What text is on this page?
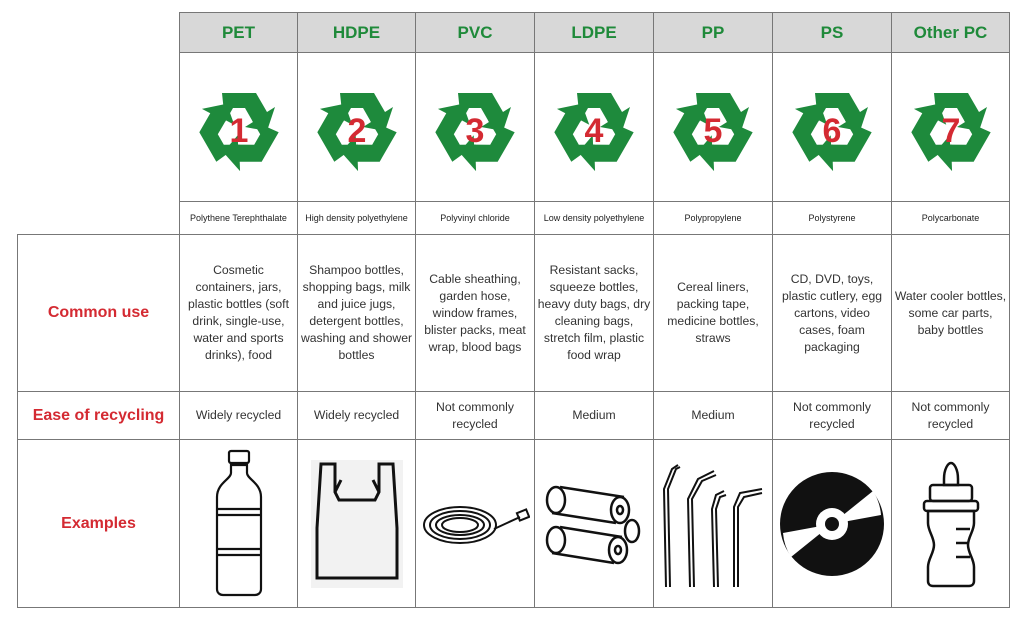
PET
1
Polythene Terephthalate
Cosmetic containers, jars, plastic bottles (soft drink, single-use, water and sports drinks), food
Widely recycled
HDPE
2
High density polyethylene
Shampoo bottles, shopping bags, milk and juice jugs, detergent bottles, washing and shower bottles
Widely recycled
PVC
3
Polyvinyl chloride
Cable sheathing, garden hose, window frames, blister packs, meat wrap, blood bags
Not commonly recycled
LDPE
4
Low density polyethylene
Resistant sacks, squeeze bottles, heavy duty bags, dry cleaning bags, stretch film, plastic food wrap
Medium
PP
5
Polypropylene
Cereal liners, packing tape, medicine bottles, straws
Medium
PS
6
Polystyrene
CD, DVD, toys, plastic cutlery, egg cartons, video cases, foam packaging
Not commonly recycled
Other PC
7
Polycarbonate
Water cooler bottles, some car parts, baby bottles
Not commonly recycled
Common use
Ease of recycling
Examples
